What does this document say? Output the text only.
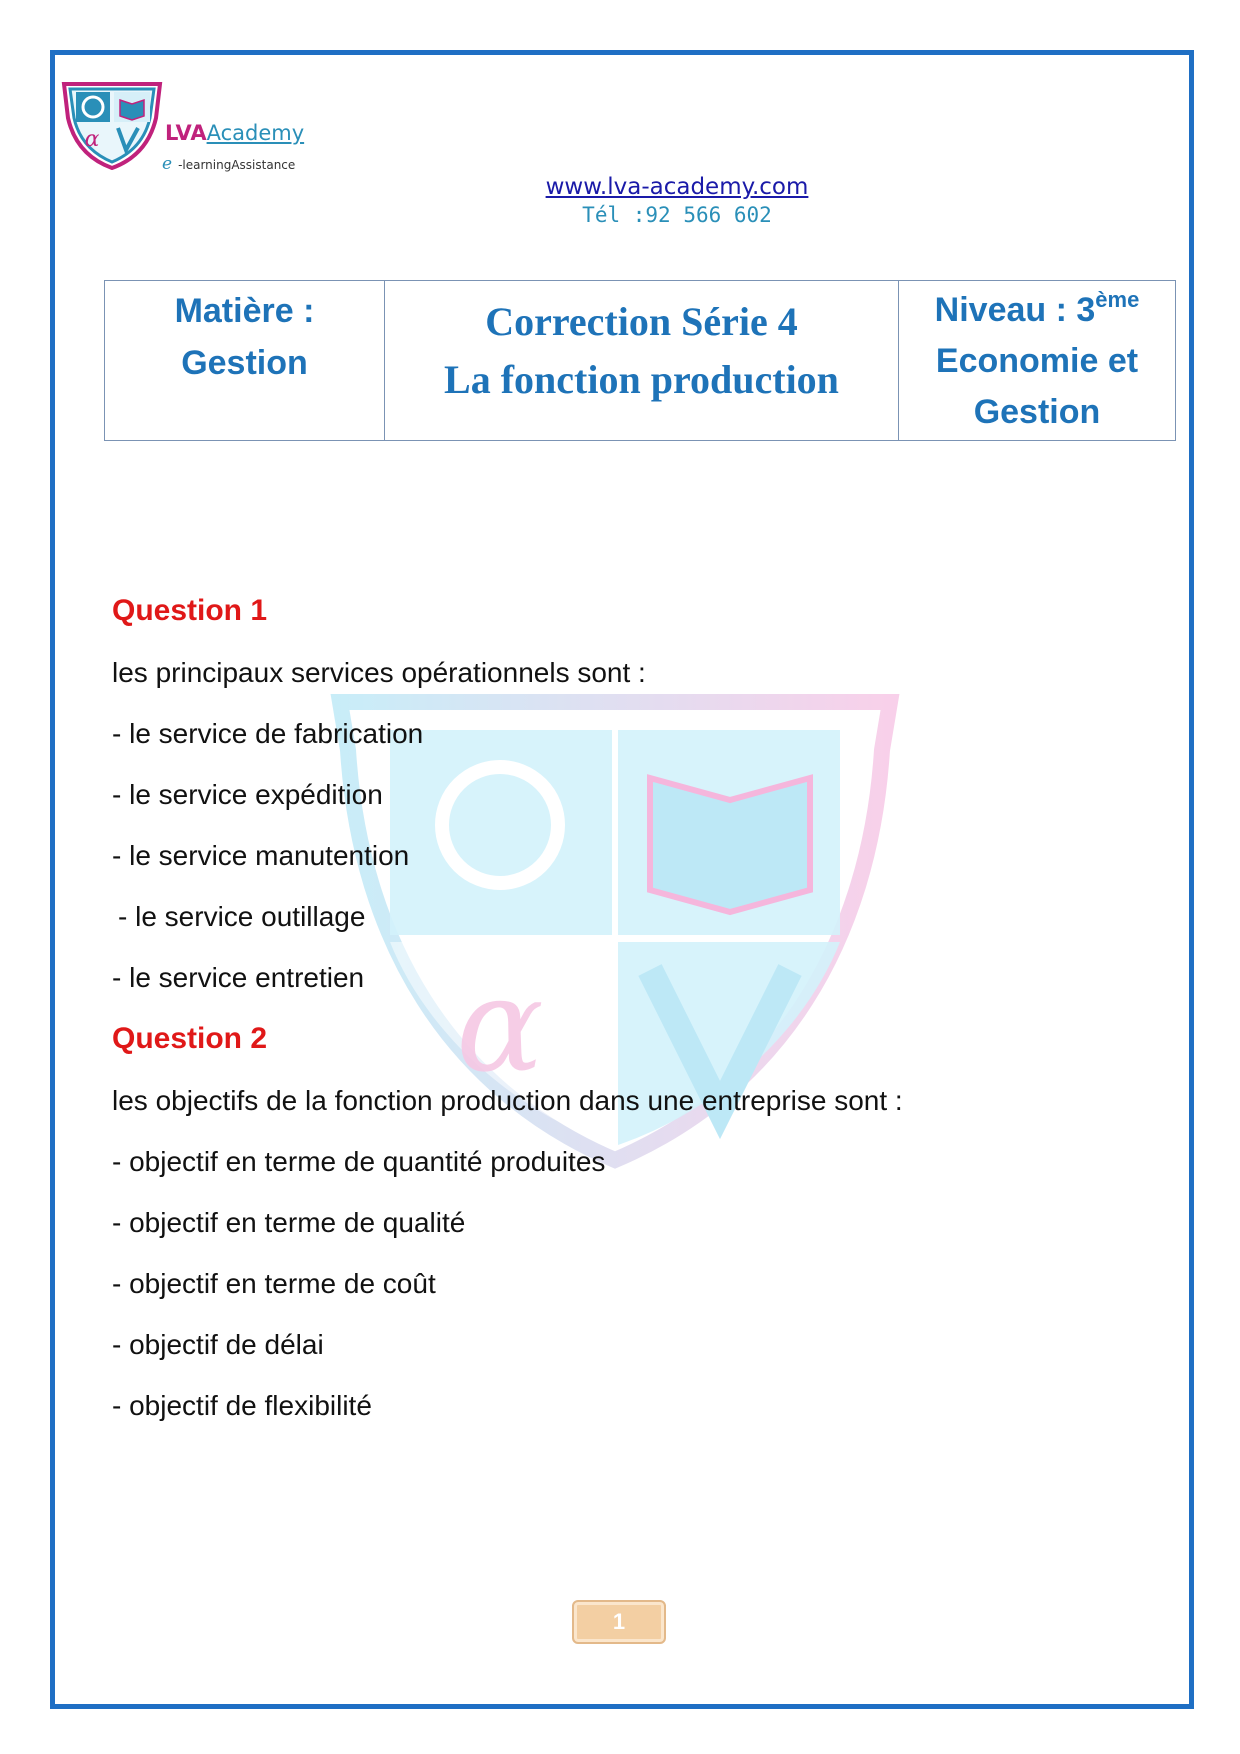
α	LVAAcademy
e -learningAssistance
www.lva-academy.com
Tél :92 566 602
Matière :
Gestion

Correction Série 4
La fonction production

Niveau : 3ème
Economie et
Gestion
α
Question 1
les principaux services opérationnels sont :
- le service de fabrication
- le service expédition
- le service manutention
- le service outillage
- le service entretien
Question 2
les objectifs de la fonction production dans une entreprise sont :
- objectif en terme de quantité produites
- objectif en terme de qualité
- objectif en terme de coût
- objectif de délai
- objectif de flexibilité
1
